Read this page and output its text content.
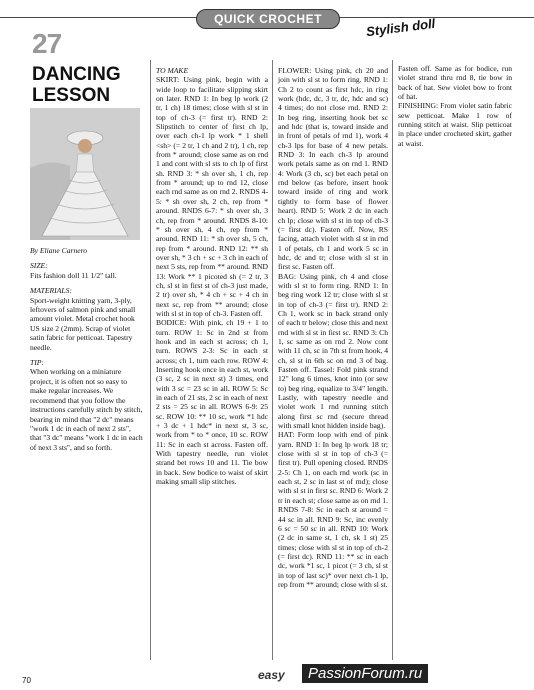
QUICK CROCHET	Stylish doll
27
DANCING
LESSON

By Eliane Carnero

SIZE:

Fits fashion doll 11 1/2" tall.

MATERIALS:

Sport-weight knitting yarn, 3-ply, leftovers of salmon pink and small amount violet. Metal crochet hook US size 2 (2mm). Scrap of violet satin fabric for petticoat. Tapestry needle.

TIP:

When working on a miniature project, it is often not so easy to make regular increases. We recommend that you follow the instructions carefully stitch by stitch, bearing in mind that "2 dc" means "work 1 dc in each of next 2 sts", that "3 dc" means "work 1 dc in each of next 3 sts", and so forth.

TO MAKE

SKIRT: Using pink, begin with a wide loop to facilitate slipping skirt on later. RND 1: In beg lp work (2 tr, 1 ch) 18 times; close with sl st in top of ch-3 (= first tr). RND 2: Slipstitch to center of first ch lp, over each ch-1 lp work * 1 shell <sh> (= 2 tr, 1 ch and 2 tr), 1 ch, rep from * around; close same as on rnd 1 and cont with sl sts to ch lp of first sh. RND 3: * sh over sh, 1 ch, rep from * around; up to rnd 12, close each rnd same as on rnd 2. RNDS 4-5: * sh over sh, 2 ch, rep from * around. RNDS 6-7: * sh over sh, 3 ch, rep from * around. RNDS 8-10: * sh over sh, 4 ch, rep from * around. RND 11: * sh over sh, 5 ch, rep from * around. RND 12: ** sh over sh, * 3 ch + sc + 3 ch in each of next 5 sts, rep from ** around. RND 13: Work ** 1 picoted sh (= 2 tr, 3 ch, sl st in first st of ch-3 just made, 2 tr) over sh, * 4 ch + sc + 4 ch in next sc, rep from ** around; close with sl st in top of ch-3. Fasten off.

BODICE: With pink, ch 19 + 1 to turn. ROW 1: Sc in 2nd st from hook and in each st across; ch 1, turn. ROWS 2-3: Sc in each st across; ch 1, turn each row. ROW 4: Inserting hook once in each st, work (3 sc, 2 sc in next st) 3 times, end with 3 sc = 23 sc in all. ROW 5: Sc in each of 21 sts, 2 sc in each of next 2 sts = 25 sc in all. ROWS 6-9: 25 sc. ROW 10: ** 10 sc, work *1 hdc + 3 dc + 1 hdc* in next st, 3 sc, work from * to * once, 10 sc. ROW 11: Sc in each st across. Fasten off. With tapestry needle, run violet strand bet rows 10 and 11. Tie bow in back. Sew bodice to waist of skirt making small slip stitches.

FLOWER: Using pink, ch 20 and join with sl st to form ring. RND 1: Ch 2 to count as first hdc, in ring work (hdc, dc, 3 tr, dc, hdc and sc) 4 times; do not close rnd. RND 2: In beg ring, inserting hook bet sc and hdc (that is, toward inside and in front of petals of rnd 1), work 4 ch-3 lps for base of 4 new petals. RND 3: In each ch-3 lp around work petals same as on rnd 1. RND 4: Work (3 ch, sc) bet each petal on rnd below (as before, insert hook toward inside of ring and work tightly to form base of flower heart). RND 5: Work 2 dc in each ch lp; close with sl st in top of ch-3 (= first dc). Fasten off. Now, RS facing, attach violet with sl st in rnd 1 of petals, ch 1 and work 5 sc in hdc, dc and tr; close with sl st in first sc. Fasten off.

BAG: Using pink, ch 4 and close with sl st to form ring. RND 1: In beg ring work 12 tr; close with sl st in top of ch-3 (= first tr). RND 2: Ch 1, work sc in back strand only of each tr below; close this and next rnd with sl st in first sc. RND 3: Ch 1, sc same as on rnd 2. Now cont with 11 ch, sc in 7th st from hook, 4 ch, sl st in 6th sc on rnd 3 of bag. Fasten off. Tassel: Fold pink strand 12" long 6 times, knot into (or sew to) beg ring, equalize to 3/4" length. Lastly, with tapestry needle and violet work 1 rnd running stitch along first sc rnd (secure thread with small knot hidden inside bag).

HAT: Form loop with end of pink yarn. RND 1: In beg lp work 18 tr; close with sl st in top of ch-3 (= first tr). Pull opening closed. RNDS 2-5: Ch 1, on each rnd work (sc in each st, 2 sc in last st of rnd); close with sl st in first sc. RND 6: Work 2 tr in each st; close same as on rnd 1. RNDS 7-8: Sc in each st around = 44 sc in all. RND 9: Sc, inc evenly 6 sc = 50 sc in all. RND 10: Work (2 dc in same st, 1 ch, sk 1 st) 25 times; close with sl st in top of ch-2 (= first dc). RND 11: ** sc in each dc, work *1 sc, 1 picot (= 3 ch, sl st in top of last sc)* over next ch-1 lp, rep from ** around; close with sl st.

Fasten off. Same as for bodice, run violet strand thru rnd 8, tie bow in back of hat. Sew violet bow to front of hat.

FINISHING: From violet satin fabric sew petticoat. Make 1 row of running stitch at waist. Slip petticoat in place under crocheted skirt, gather at waist.

70	easy	PassionForum.ru
